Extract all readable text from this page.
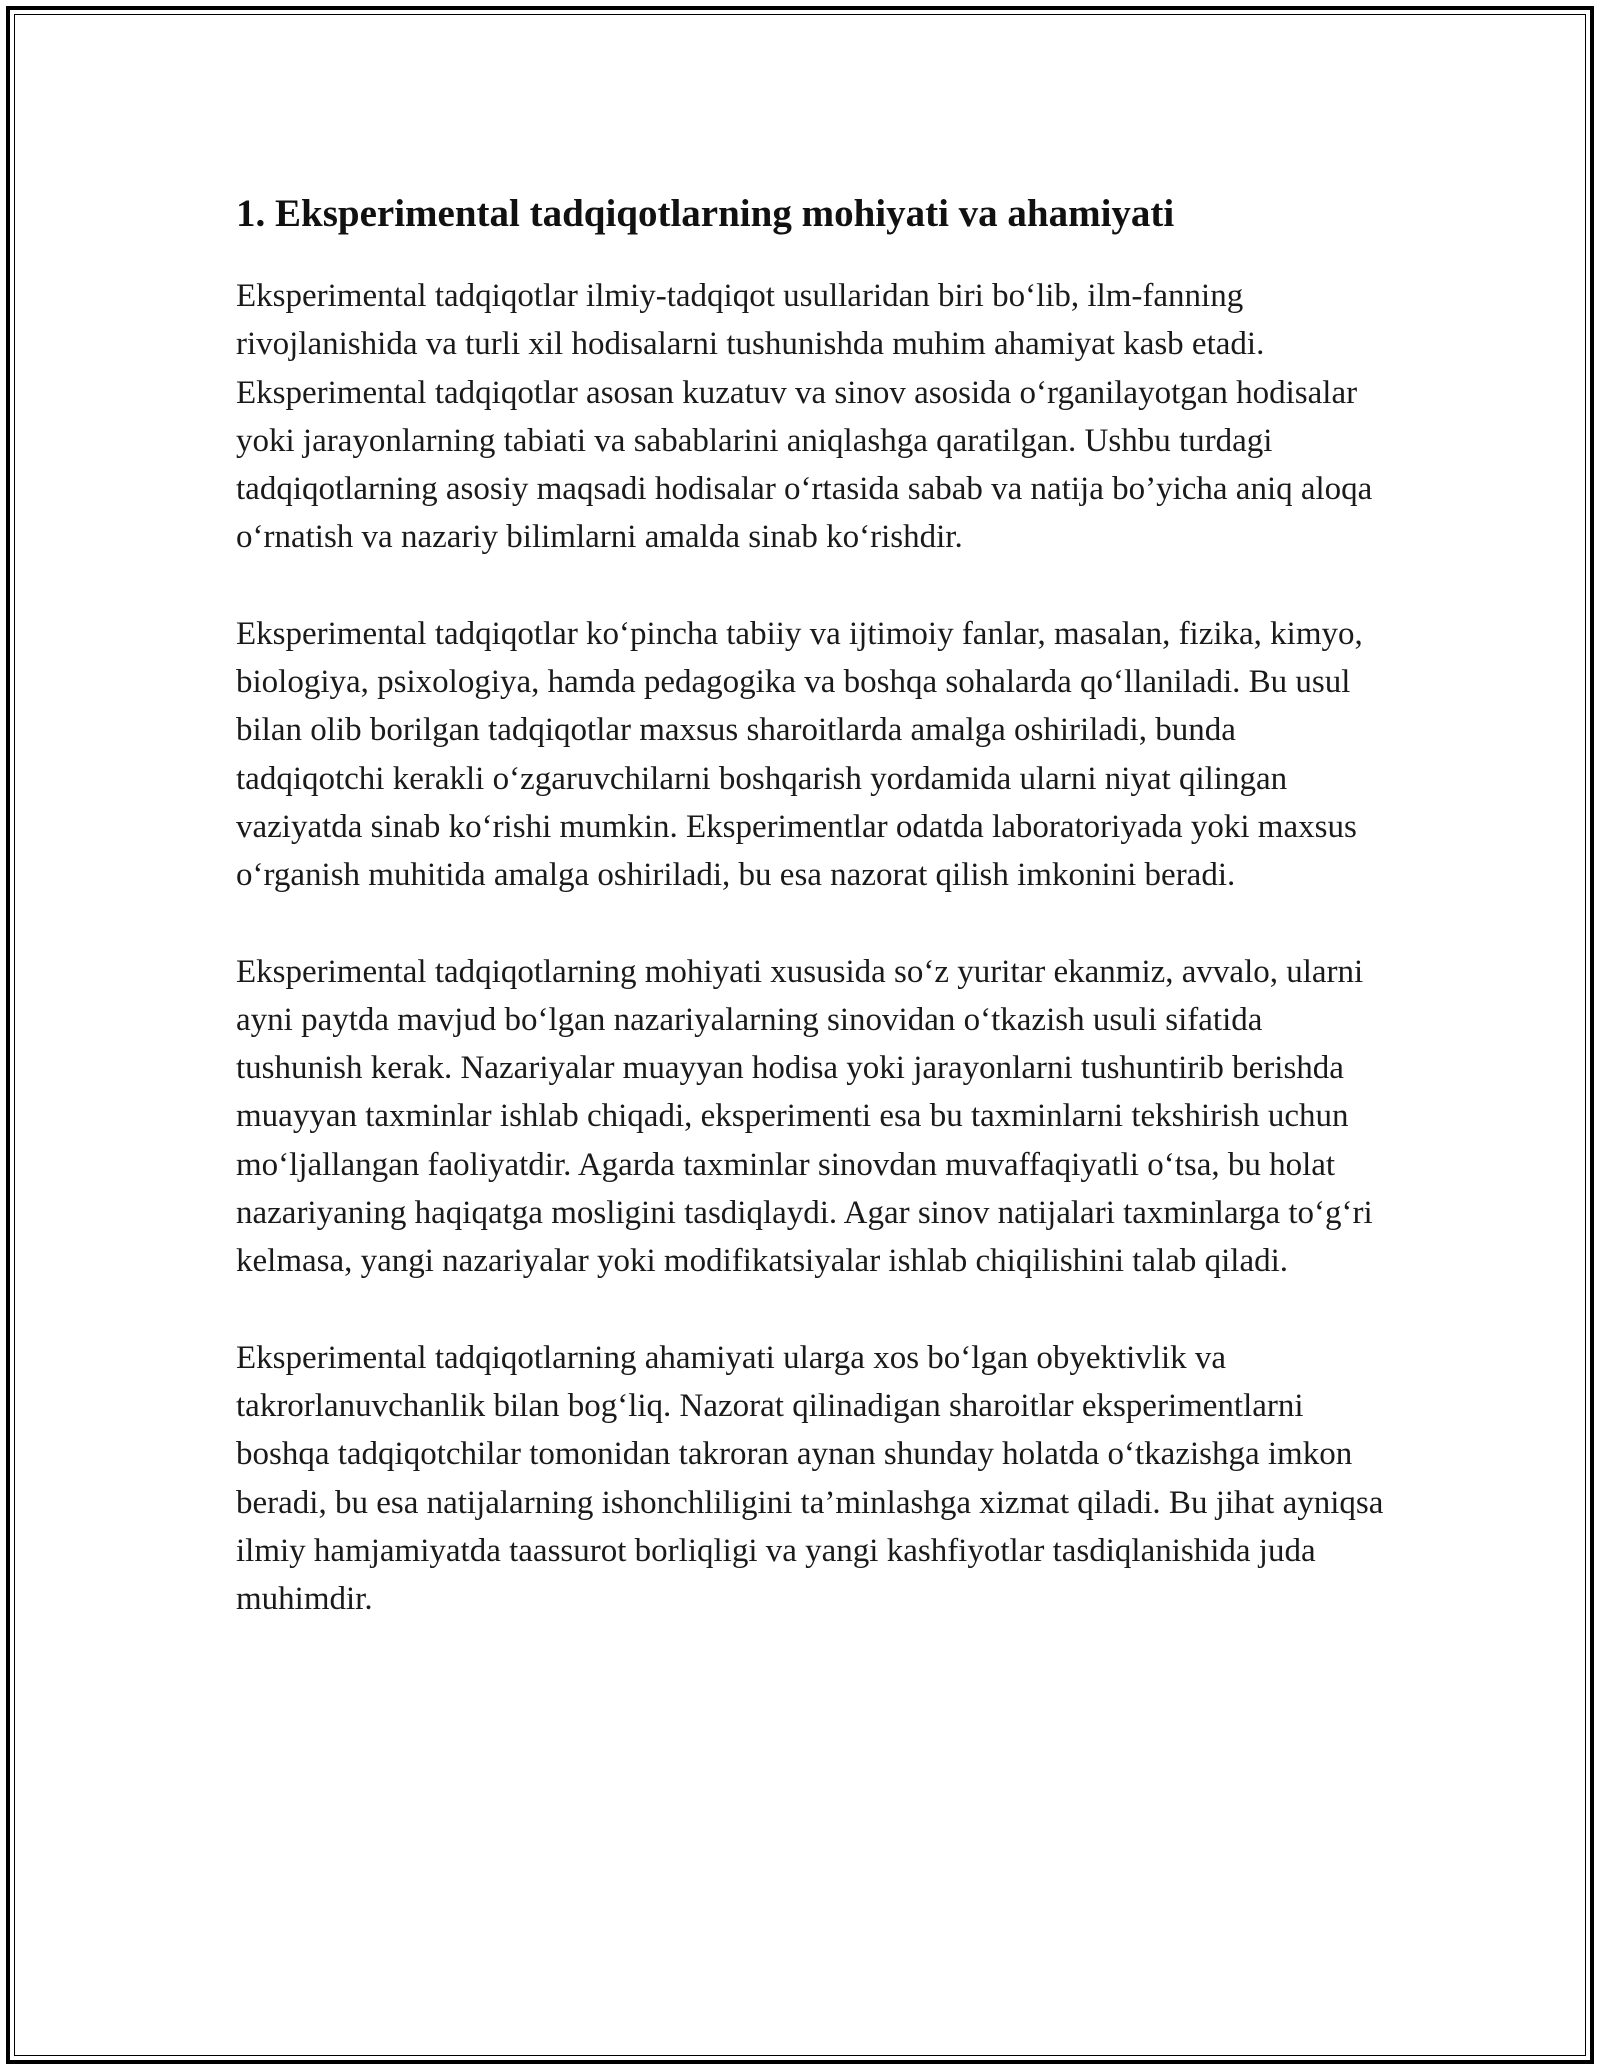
1. Eksperimental tadqiqotlarning mohiyati va ahamiyati

Eksperimental tadqiqotlar ilmiy-tadqiqot usullaridan biri bo‘lib, ilm-fanning rivojlanishida va turli xil hodisalarni tushunishda muhim ahamiyat kasb etadi. Eksperimental tadqiqotlar asosan kuzatuv va sinov asosida o‘rganilayotgan hodisalar yoki jarayonlarning tabiati va sabablarini aniqlashga qaratilgan. Ushbu turdagi tadqiqotlarning asosiy maqsadi hodisalar o‘rtasida sabab va natija bo’yicha aniq aloqa o‘rnatish va nazariy bilimlarni amalda sinab ko‘rishdir.

Eksperimental tadqiqotlar ko‘pincha tabiiy va ijtimoiy fanlar, masalan, fizika, kimyo, biologiya, psixologiya, hamda pedagogika va boshqa sohalarda qo‘llaniladi. Bu usul bilan olib borilgan tadqiqotlar maxsus sharoitlarda amalga oshiriladi, bunda tadqiqotchi kerakli o‘zgaruvchilarni boshqarish yordamida ularni niyat qilingan vaziyatda sinab ko‘rishi mumkin. Eksperimentlar odatda laboratoriyada yoki maxsus o‘rganish muhitida amalga oshiriladi, bu esa nazorat qilish imkonini beradi.

Eksperimental tadqiqotlarning mohiyati xususida so‘z yuritar ekanmiz, avvalo, ularni ayni paytda mavjud bo‘lgan nazariyalarning sinovidan o‘tkazish usuli sifatida tushunish kerak. Nazariyalar muayyan hodisa yoki jarayonlarni tushuntirib berishda muayyan taxminlar ishlab chiqadi, eksperimenti esa bu taxminlarni tekshirish uchun mo‘ljallangan faoliyatdir. Agarda taxminlar sinovdan muvaffaqiyatli o‘tsa, bu holat nazariyaning haqiqatga mosligini tasdiqlaydi. Agar sinov natijalari taxminlarga to‘g‘ri kelmasa, yangi nazariyalar yoki modifikatsiyalar ishlab chiqilishini talab qiladi.

Eksperimental tadqiqotlarning ahamiyati ularga xos bo‘lgan obyektivlik va takrorlanuvchanlik bilan bog‘liq. Nazorat qilinadigan sharoitlar eksperimentlarni boshqa tadqiqotchilar tomonidan takroran aynan shunday holatda o‘tkazishga imkon beradi, bu esa natijalarning ishonchliligini ta’minlashga xizmat qiladi. Bu jihat ayniqsa ilmiy hamjamiyatda taassurot borliqligi va yangi kashfiyotlar tasdiqlanishida juda muhimdir.
